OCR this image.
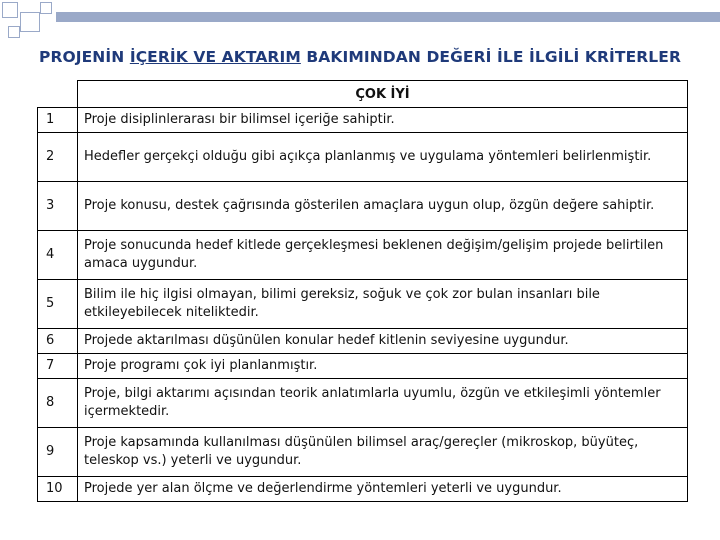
PROJENİN İÇERİK VE AKTARIM BAKIMINDAN DEĞERİ İLE İLGİLİ KRİTERLER
	ÇOK İYİ
1	Proje disiplinlerarası bir bilimsel içeriğe sahiptir.
2	Hedefler gerçekçi olduğu gibi açıkça planlanmış ve uygulama yöntemleri belirlenmiştir.
3	Proje konusu, destek çağrısında gösterilen amaçlara uygun olup, özgün değere sahiptir.
4	Proje sonucunda hedef kitlede gerçekleşmesi beklenen değişim/gelişim projede belirtilen amaca uygundur.
5	Bilim ile hiç ilgisi olmayan, bilimi gereksiz, soğuk ve çok zor bulan insanları bile etkileyebilecek niteliktedir.
6	Projede aktarılması düşünülen konular hedef kitlenin seviyesine uygundur.
7	Proje programı çok iyi planlanmıştır.
8	Proje, bilgi aktarımı açısından teorik anlatımlarla uyumlu, özgün ve etkileşimli yöntemler içermektedir.
9	Proje kapsamında kullanılması düşünülen bilimsel araç/gereçler (mikroskop, büyüteç, teleskop vs.) yeterli ve uygundur.
10	Projede yer alan ölçme ve değerlendirme yöntemleri yeterli ve uygundur.
